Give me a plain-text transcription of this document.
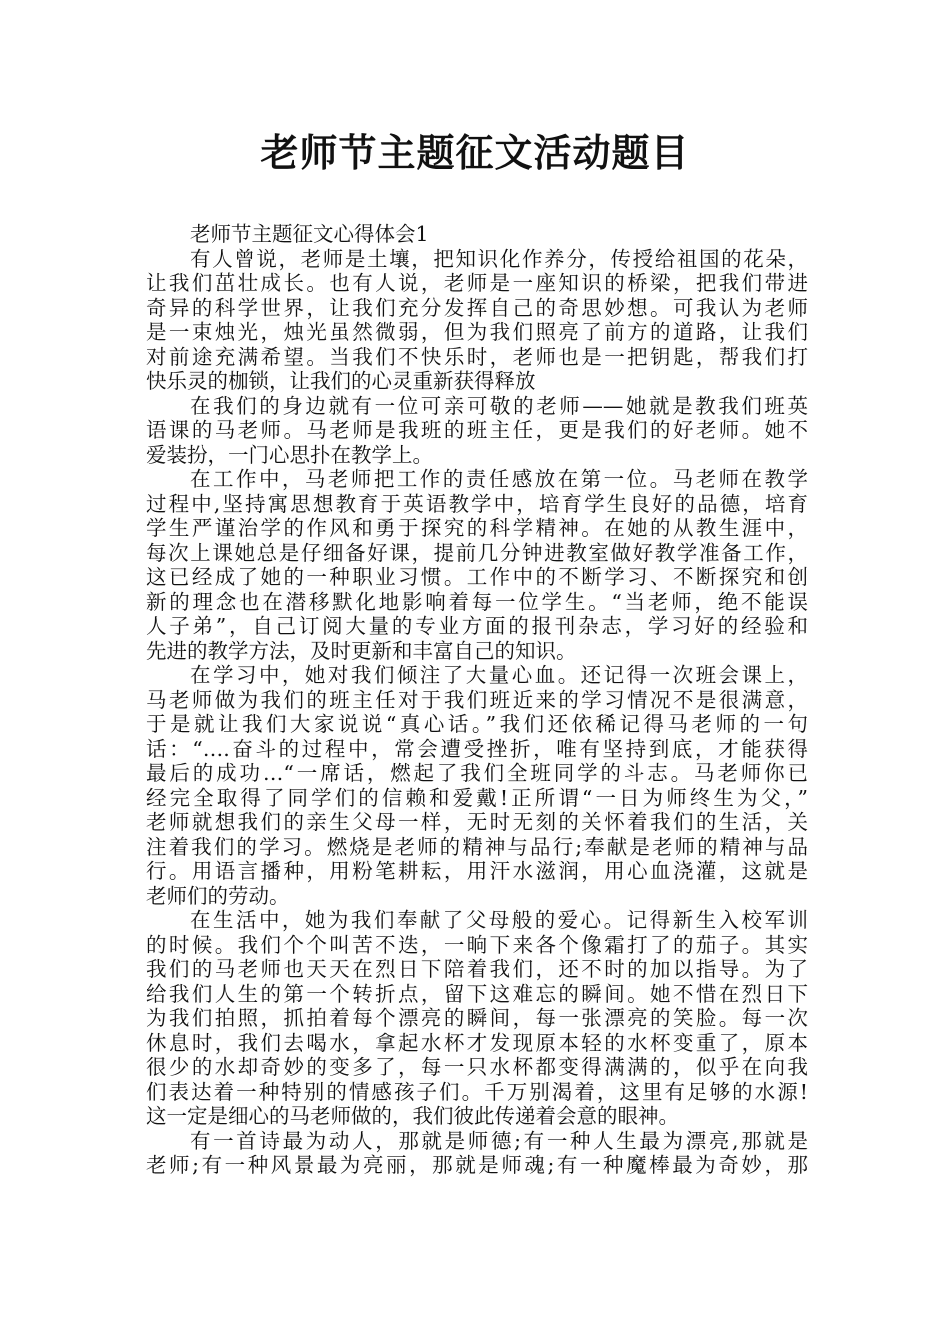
老师节主题征文活动题目
老师节主题征文心得体会1
有人曾说，老师是土壤，把知识化作养分，传授给祖国的花朵，
让我们茁壮成长。也有人说，老师是一座知识的桥梁，把我们带进
奇异的科学世界，让我们充分发挥自己的奇思妙想。可我认为老师
是一束烛光，烛光虽然微弱，但为我们照亮了前方的道路，让我们
对前途充满希望。当我们不快乐时，老师也是一把钥匙，帮我们打
快乐灵的枷锁，让我们的心灵重新获得释放
在我们的身边就有一位可亲可敬的老师——她就是教我们班英
语课的马老师。马老师是我班的班主任，更是我们的好老师。她不
爱装扮，一门心思扑在教学上。
在工作中，马老师把工作的责任感放在第一位。马老师在教学
过程中,坚持寓思想教育于英语教学中，培育学生良好的品德，培育
学生严谨治学的作风和勇于探究的科学精神。在她的从教生涯中，
每次上课她总是仔细备好课，提前几分钟进教室做好教学准备工作，
这已经成了她的一种职业习惯。工作中的不断学习、不断探究和创
新的理念也在潜移默化地影响着每一位学生。“当老师，绝不能误
人子弟”，自己订阅大量的专业方面的报刊杂志，学习好的经验和
先进的教学方法，及时更新和丰富自己的知识。
在学习中，她对我们倾注了大量心血。还记得一次班会课上，
马老师做为我们的班主任对于我们班近来的学习情况不是很满意，
于是就让我们大家说说“真心话。”我们还依稀记得马老师的一句
话：“….奋斗的过程中，常会遭受挫折，唯有坚持到底，才能获得
最后的成功…“一席话，燃起了我们全班同学的斗志。马老师你已
经完全取得了同学们的信赖和爱戴!正所谓“一日为师终生为父，”
老师就想我们的亲生父母一样，无时无刻的关怀着我们的生活，关
注着我们的学习。燃烧是老师的精神与品行;奉献是老师的精神与品
行。用语言播种，用粉笔耕耘，用汗水滋润，用心血浇灌，这就是
老师们的劳动。
在生活中，她为我们奉献了父母般的爱心。记得新生入校军训
的时候。我们个个叫苦不迭，一晌下来各个像霜打了的茄子。其实
我们的马老师也天天在烈日下陪着我们，还不时的加以指导。为了
给我们人生的第一个转折点，留下这难忘的瞬间。她不惜在烈日下
为我们拍照，抓拍着每个漂亮的瞬间，每一张漂亮的笑脸。每一次
休息时，我们去喝水，拿起水杯才发现原本轻的水杯变重了，原本
很少的水却奇妙的变多了，每一只水杯都变得满满的，似乎在向我
们表达着一种特别的情感孩子们。千万别渴着，这里有足够的水源!
这一定是细心的马老师做的，我们彼此传递着会意的眼神。
有一首诗最为动人，那就是师德;有一种人生最为漂亮,那就是
老师;有一种风景最为亮丽，那就是师魂;有一种魔棒最为奇妙，那
